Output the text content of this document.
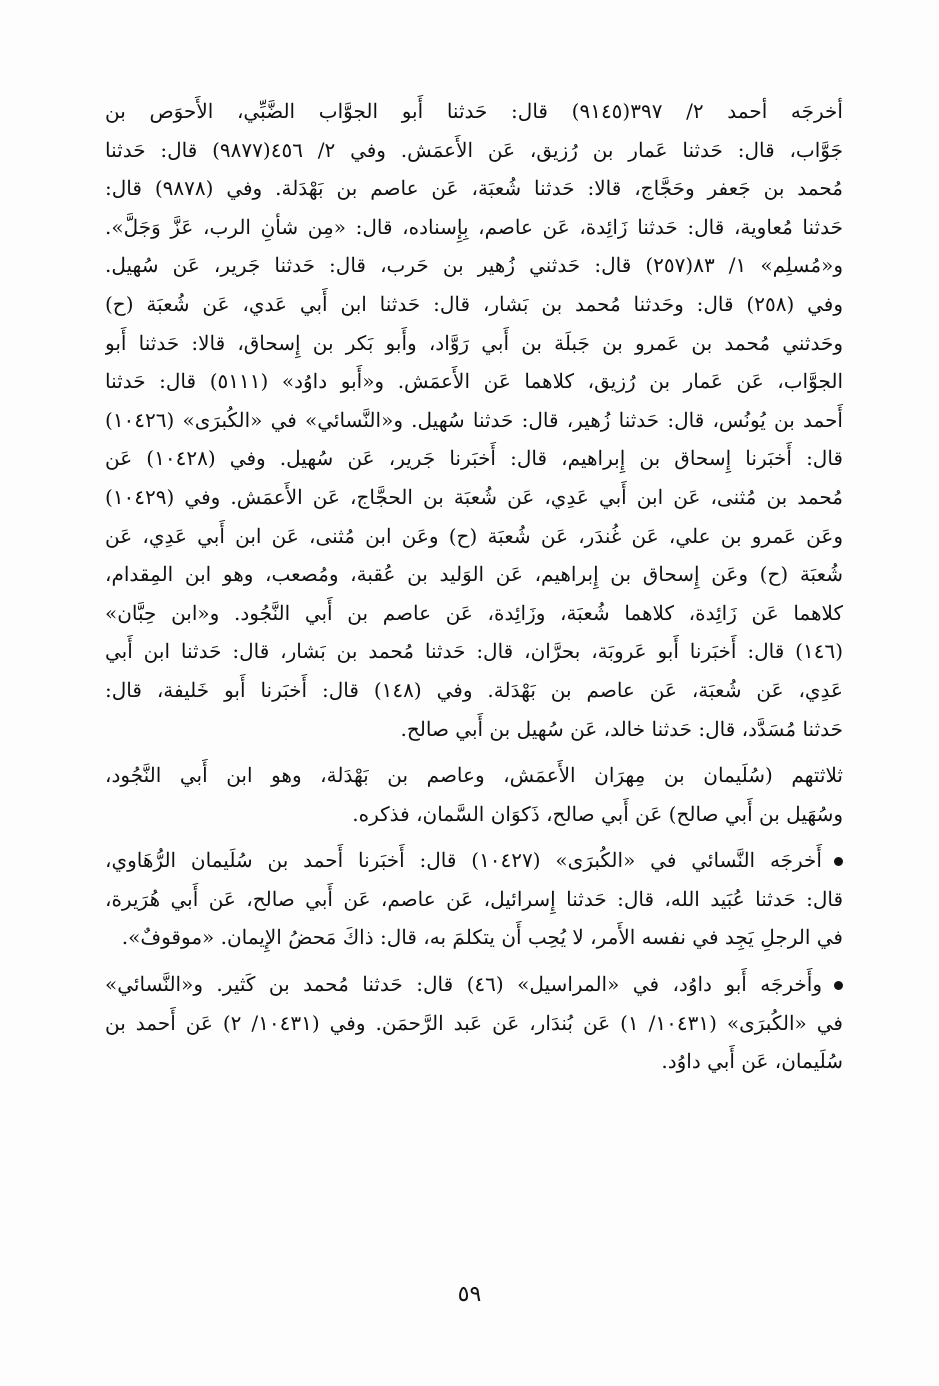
أخرجَه أحمد ٢/ ٣٩٧(٩١٤٥) قال: حَدثنا أَبو الجوَّاب الضَّبِّي، الأَحوَص بن
جَوَّاب، قال: حَدثنا عَمار بن رُزيق، عَن الأَعمَش. وفي ٢/ ٤٥٦(٩٨٧٧) قال: حَدثنا
مُحمد بن جَعفر وحَجَّاج، قالا: حَدثنا شُعبَة، عَن عاصم بن بَهْدَلة. وفي (٩٨٧٨) قال:
حَدثنا مُعاوية، قال: حَدثنا زَائِدة، عَن عاصم، بِإِسناده، قال: «مِن شأنِ الرب، عَزَّ وَجَلَّ».
و«مُسلِم» ١/ ٨٣(٢٥٧) قال: حَدثني زُهير بن حَرب، قال: حَدثنا جَرير، عَن سُهيل.
وفي (٢٥٨) قال: وحَدثنا مُحمد بن بَشار، قال: حَدثنا ابن أَبي عَدي، عَن شُعبَة (ح)
وحَدثني مُحمد بن عَمرو بن جَبلَة بن أَبي رَوَّاد، وأَبو بَكر بن إِسحاق، قالا: حَدثنا أَبو
الجوَّاب، عَن عَمار بن رُزيق، كلاهما عَن الأَعمَش. و«أَبو داوُد» (٥١١١) قال: حَدثنا
أَحمد بن يُونُس، قال: حَدثنا زُهير، قال: حَدثنا سُهيل. و«النَّسائي» في «الكُبرَى» (١٠٤٢٦)
قال: أَخبَرنا إِسحاق بن إِبراهيم، قال: أَخبَرنا جَرير، عَن سُهيل. وفي (١٠٤٢٨) عَن
مُحمد بن مُثنى، عَن ابن أَبي عَدِي، عَن شُعبَة بن الحجَّاج، عَن الأَعمَش. وفي (١٠٤٢٩)
وعَن عَمرو بن علي، عَن غُندَر، عَن شُعبَة (ح) وعَن ابن مُثنى، عَن ابن أَبي عَدِي، عَن
شُعبَة (ح) وعَن إِسحاق بن إِبراهيم، عَن الوَليد بن عُقبة، ومُصعب، وهو ابن المِقدام،
كلاهما عَن زَائِدة، كلاهما شُعبَة، وزَائِدة، عَن عاصم بن أَبي النَّجُود. و«ابن حِبَّان»
(١٤٦) قال: أَخبَرنا أَبو عَروبَة، بحرَّان، قال: حَدثنا مُحمد بن بَشار، قال: حَدثنا ابن أَبي
عَدِي، عَن شُعبَة، عَن عاصم بن بَهْدَلة. وفي (١٤٨) قال: أَخبَرنا أَبو خَليفة، قال:
حَدثنا مُسَدَّد، قال: حَدثنا خالد، عَن سُهيل بن أَبي صالح.
ثلاثتهم (سُلَيمان بن مِهرَان الأَعمَش، وعاصم بن بَهْدَلة، وهو ابن أَبي النَّجُود،
وسُهَيل بن أَبي صالح) عَن أَبي صالح، ذَكوَان السَّمان، فذكره.
أَخرجَه النَّسائي في «الكُبرَى» (١٠٤٢٧) قال: أَخبَرنا أَحمد بن سُلَيمان الرُّهَاوي،
قال: حَدثنا عُبَيد الله، قال: حَدثنا إِسرائيل، عَن عاصم، عَن أَبي صالح، عَن أَبي هُرَيرة،
في الرجلِ يَجِد في نفسه الأَمر، لا يُحِب أَن يتكلمَ به، قال: ذاكَ مَحضُ الإِيمان. «موقوفٌ».
وأَخرجَه أَبو داوُد، في «المراسيل» (٤٦) قال: حَدثنا مُحمد بن كَثير. و«النَّسائي»
في «الكُبرَى» (١٠٤٣١/ ١) عَن بُندَار، عَن عَبد الرَّحمَن. وفي (١٠٤٣١/ ٢) عَن أَحمد بن
سُلَيمان، عَن أَبي داوُد.
٥٩
